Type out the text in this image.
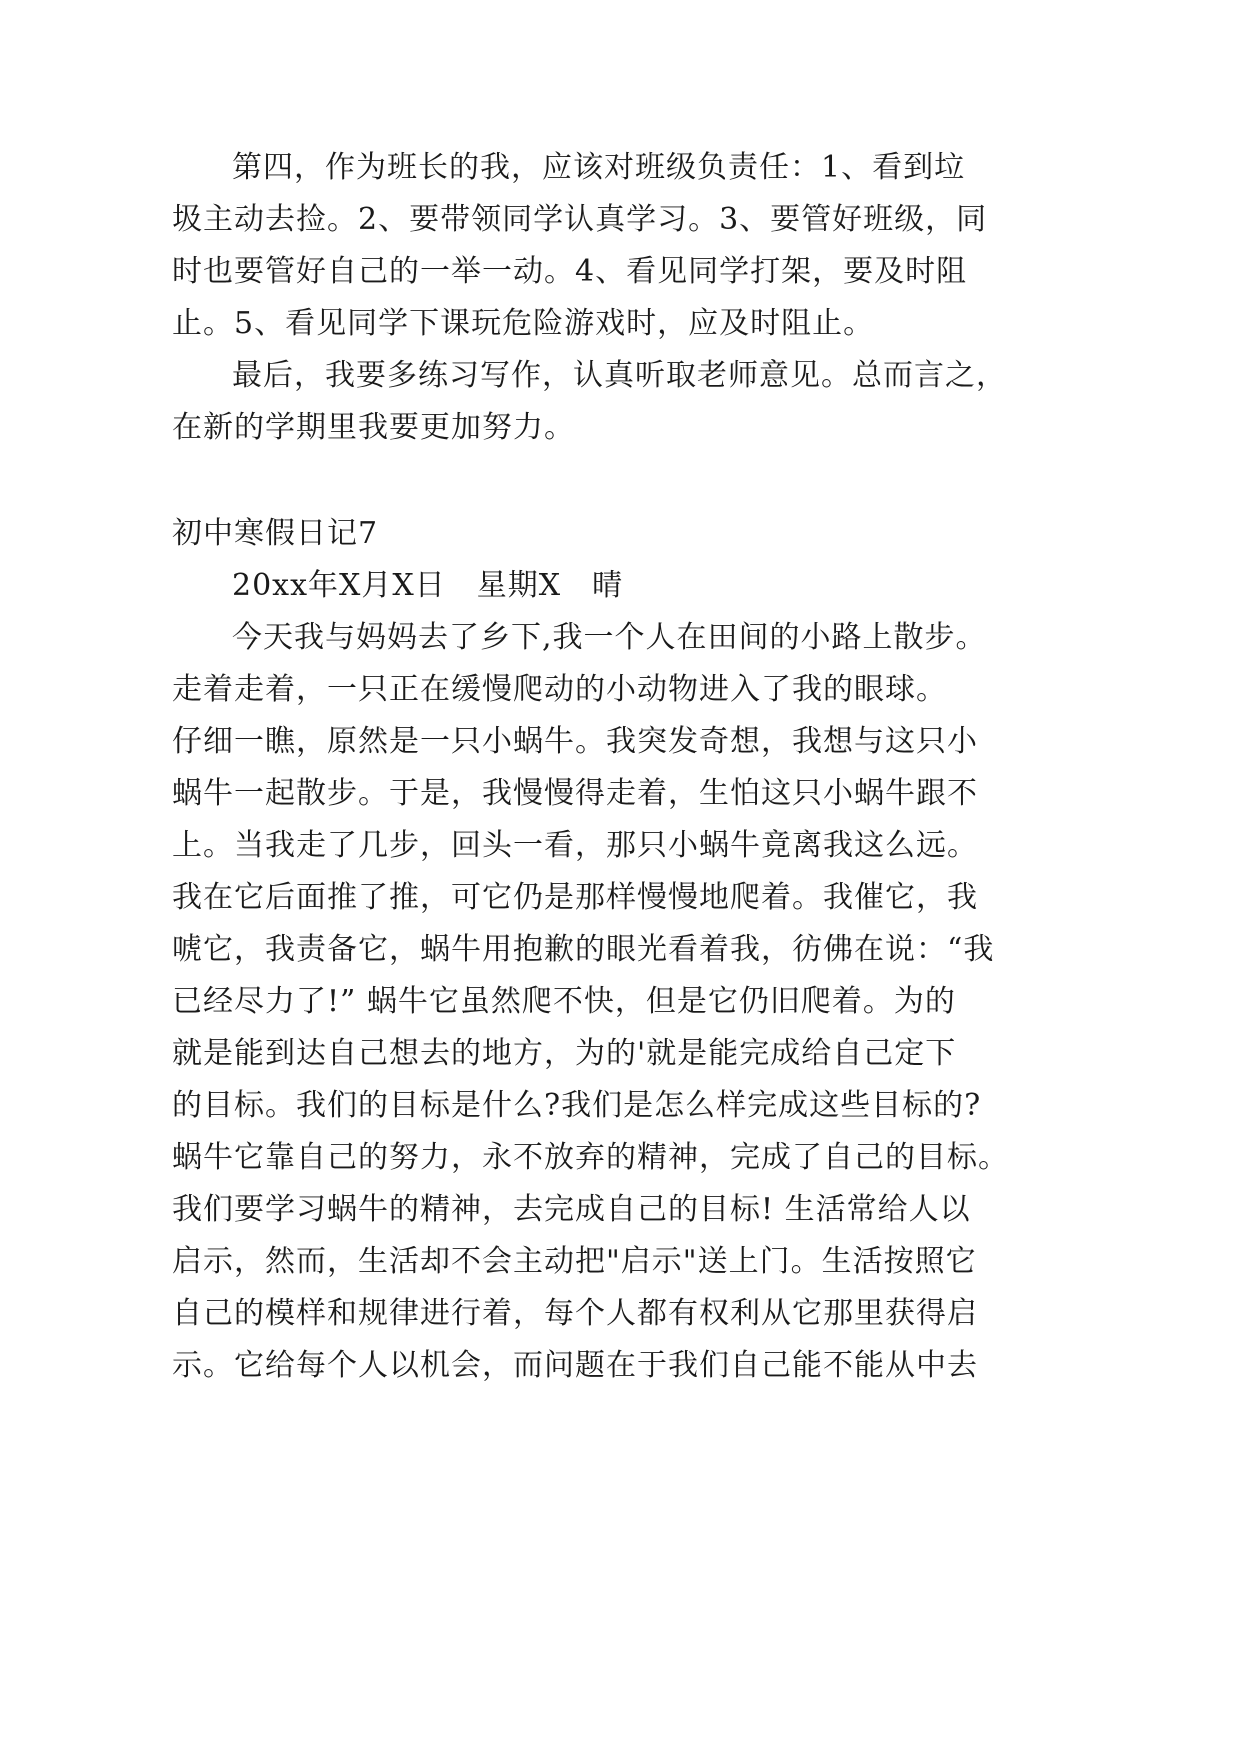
第四，作为班长的我，应该对班级负责任：1、看到垃
圾主动去捡。2、要带领同学认真学习。3、要管好班级，同
时也要管好自己的一举一动。4、看见同学打架，要及时阻
止。5、看见同学下课玩危险游戏时，应及时阻止。
最后，我要多练习写作，认真听取老师意见。总而言之，
在新的学期里我要更加努力。
初中寒假日记7
20xx年X月X日　星期X　晴
今天我与妈妈去了乡下,我一个人在田间的小路上散步。
走着走着，一只正在缓慢爬动的小动物进入了我的眼球。
仔细一瞧，原然是一只小蜗牛。我突发奇想，我想与这只小
蜗牛一起散步。于是，我慢慢得走着，生怕这只小蜗牛跟不
上。当我走了几步，回头一看，那只小蜗牛竟离我这么远。
我在它后面推了推，可它仍是那样慢慢地爬着。我催它，我
唬它，我责备它，蜗牛用抱歉的眼光看着我，彷佛在说：“我
已经尽力了!” 蜗牛它虽然爬不快，但是它仍旧爬着。为的
就是能到达自己想去的地方，为的'就是能完成给自己定下
的目标。我们的目标是什么?我们是怎么样完成这些目标的?
蜗牛它靠自己的努力，永不放弃的精神，完成了自己的目标。
我们要学习蜗牛的精神，去完成自己的目标! 生活常给人以
启示，然而，生活却不会主动把"启示"送上门。生活按照它
自己的模样和规律进行着，每个人都有权利从它那里获得启
示。它给每个人以机会，而问题在于我们自己能不能从中去
